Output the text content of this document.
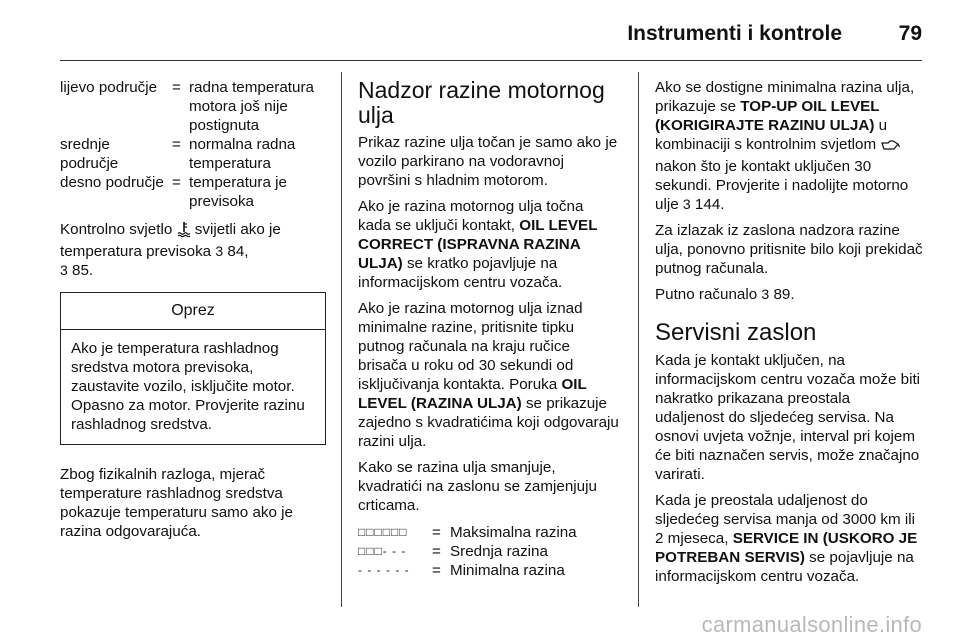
Instrumenti i kontrole	79
lijevo područje	=	radna temperatura motora još nije postignuta
srednje područje	=	normalna radna temperatura
desno područje	=	temperatura je previsoka

Kontrolno svjetlo svijetli ako je temperatura previsoka 3 84,
3 85.

Oprez
Ako je temperatura rashladnog sredstva motora previsoka, zaustavite vozilo, isključite motor. Opasno za motor. Provjerite razinu rashladnog sredstva.

Zbog fizikalnih razloga, mjerač temperature rashladnog sredstva pokazuje temperaturu samo ako je razina odgovarajuća.

Nadzor razine motornog ulja

Prikaz razine ulja točan je samo ako je vozilo parkirano na vodoravnoj površini s hladnim motorom.

Ako je razina motornog ulja točna kada se uključi kontakt, OIL LEVEL CORRECT (ISPRAVNA RAZINA ULJA) se kratko pojavljuje na informacijskom centru vozača.

Ako je razina motornog ulja iznad minimalne razine, pritisnite tipku putnog računala na kraju ručice brisača u roku od 30 sekundi od isključivanja kontakta. Poruka OIL LEVEL (RAZINA ULJA) se prikazuje zajedno s kvadratićima koji odgovaraju razini ulja.

Kako se razina ulja smanjuje, kvadratići na zaslonu se zamjenjuju crticama.

□□□□□□	=	Maksimalna razina
□□□- - -	=	Srednja razina
- - - - - -	=	Minimalna razina

Ako se dostigne minimalna razina ulja, prikazuje se TOP-UP OIL LEVEL (KORIGIRAJTE RAZINU ULJA) u kombinaciji s kontrolnim svjetlom  nakon što je kontakt uključen 30 sekundi. Provjerite i nadolijte motorno ulje 3 144.

Za izlazak iz zaslona nadzora razine ulja, ponovno pritisnite bilo koji prekidač putnog računala.

Putno računalo 3 89.

Servisni zaslon

Kada je kontakt uključen, na informacijskom centru vozača može biti nakratko prikazana preostala udaljenost do sljedećeg servisa. Na osnovi uvjeta vožnje, interval pri kojem će biti naznačen servis, može značajno varirati.

Kada je preostala udaljenost do sljedećeg servisa manja od 3000 km ili 2 mjeseca, SERVICE IN (USKORO JE POTREBAN SERVIS) se pojavljuje na informacijskom centru vozača.

carmanualsonline.info
